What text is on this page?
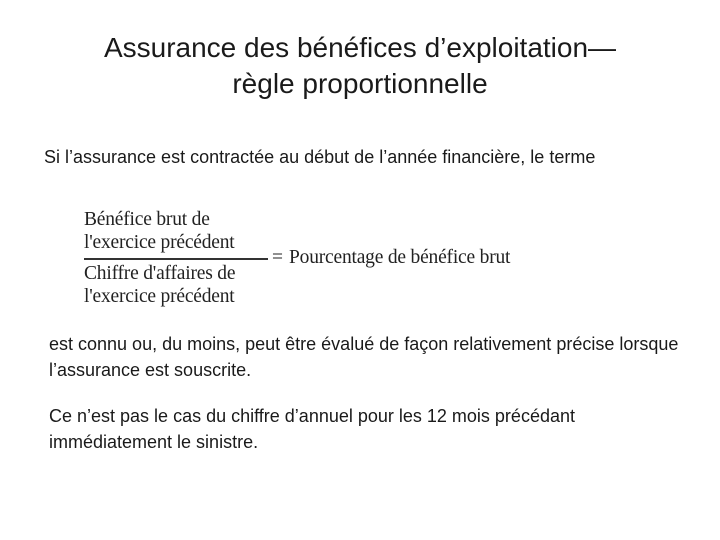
Assurance des bénéfices d’exploitation—
règle proportionnelle

Si l’assurance est contractée au début de l’année financière, le terme

Bénéfice brut de
l'exercice précédent
Chiffre d'affaires de
l'exercice précédent
= Pourcentage de bénéfice brut

est connu ou, du moins, peut être évalué de façon relativement précise lorsque l’assurance est souscrite.

Ce n’est pas le cas du chiffre d’annuel pour les 12 mois précédant immédiatement le sinistre.
